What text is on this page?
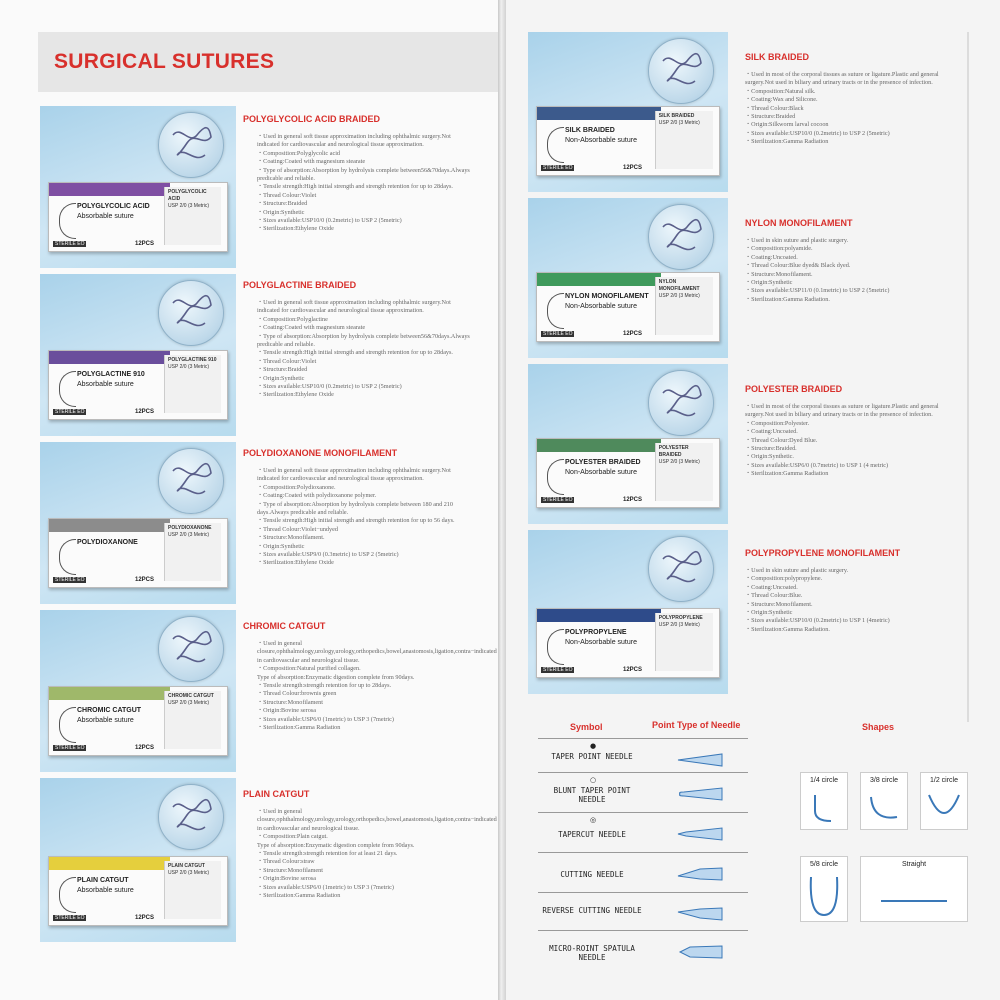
SURGICAL SUTURES
POLYGLYCOLIC ACID
Absorbable suture
POLYGLYCOLIC ACID
USP 2/0 (3 Metric)
12PCS
STERILE EO
POLYGLYCOLIC ACID BRAIDED
・Used in general soft tissue approximation including ophthalmic surgery.Not indicated for cardiovascular and neurological tissue approximation.
・Composition:Polyglycolic acid
・Coating:Coated with magnesium stearate
・Type of absorption:Absorption by hydrolysis complete between56&70days.Always predicable and reliable.
・Tensile strength:High initial strength and strength retention for up to 28days.
・Thread Colour:Violet
・Structure:Braided
・Origin:Synthetic
・Sizes available:USP10/0 (0.2metric) to USP 2 (5metric)
・Sterilization:Ethylene Oxide
POLYGLACTINE 910
Absorbable suture
POLYGLACTINE 910
USP 2/0 (3 Metric)
12PCS
STERILE EO
POLYGLACTINE BRAIDED
・Used in general soft tissue approximation including ophthalmic surgery.Not indicated for cardiovascular and neurological tissue approximation.
・Composition:Polyglactine
・Coating:Coated with magnesium stearate
・Type of absorption:Absorption by hydrolysis complete between56&70days.Always predicable and reliable.
・Tensile strength:High initial strength and strength retention for up to 28days.
・Thread Colour:Violet
・Structure:Braided
・Origin:Synthetic
・Sizes available:USP10/0 (0.2metric) to USP 2 (5metric)
・Sterilization:Ethylene Oxide
POLYDIOXANONE
POLYDIOXANONE
USP 2/0 (3 Metric)
12PCS
STERILE EO
POLYDIOXANONE MONOFILAMENT
・Used in general soft tissue approximation including ophthalmic surgery.Not indicated for cardiovascular and neurological tissue approximation.
・Composition:Polydioxanone.
・Coating:Coated with polydioxanone polymer.
・Type of absorption:Absorption by hydrolysis complete between 180 and 210 days.Always predicable and reliable.
・Tensile strength:High initial strength and strength retention for up to 56 days.
・Thread Colour:Violet−undyed
・Structure:Monofilament.
・Origin:Synthetic
・Sizes available:USP9/0 (0.3metric) to USP 2 (5metric)
・Sterilization:Ethylene Oxide
CHROMIC CATGUT
Absorbable suture
CHROMIC CATGUT
USP 2/0 (3 Metric)
12PCS
STERILE EO
CHROMIC CATGUT
・Used in general closure,ophthalmology,urology,urology,orthopedics,bowel,anastomosis,ligation,contra−indicated in cardiovascular and neurological tissue.
・Composition:Natural purified collagen.
Type of absorption:Enzymatic digestion complete from 90days.
・Tensile strength:strength retention for up to 28days.
・Thread Colour:brownis green
・Structure:Monofilament
・Origin:Bovine serosa
・Sizes available:USP6/0 (1metric) to USP 3 (7metric)
・Sterilization:Gamma Radiation
PLAIN CATGUT
Absorbable suture
PLAIN CATGUT
USP 2/0 (3 Metric)
12PCS
STERILE EO
PLAIN CATGUT
・Used in general closure,ophthalmology,urology,urology,orthopedics,bowel,anastomosis,ligation,contra−indicated in cardiovascular and neurological tissue.
・Composition:Plain catgut.
Type of absorption:Enzymatic digestion complete from 90days.
・Tensile strength:strength retention for at least 21 days.
・Thread Colour:straw
・Structure:Monofilament
・Origin:Bovine serosa
・Sizes available:USP6/0 (1metric) to USP 3 (7metric)
・Sterilization:Gamma Radiation
SILK BRAIDED
Non-Absorbable suture
SILK BRAIDED
USP 2/0 (3 Metric)
12PCS
STERILE EO
SILK BRAIDED
・Used in most of the corporal tissues as suture or ligature.Plastic and general surgery.Not used in biliary and urinary tracts or in the presence of infection.
・Composition:Natural silk.
・Coating:Wax and Silicone.
・Thread Colour:Black
・Structure:Braided
・Origin:Silkworm larval cocoon
・Sizes available:USP10/0 (0.2metric) to USP 2 (5metric)
・Sterilization:Gamma Radiation
NYLON MONOFILAMENT
Non-Absorbable suture
NYLON MONOFILAMENT
USP 2/0 (3 Metric)
12PCS
STERILE EO
NYLON MONOFILAMENT
・Used in skin suture and plastic surgery.
・Composition:polyamide.
・Coating:Uncoated.
・Thread Colour:Blue dyed& Black dyed.
・Structure:Monofilament.
・Origin:Synthetic
・Sizes available:USP11/0 (0.1metric) to USP 2 (5metric)
・Sterilization:Gamma Radiation.
POLYESTER BRAIDED
Non-Absorbable suture
POLYESTER BRAIDED
USP 2/0 (3 Metric)
12PCS
STERILE EO
POLYESTER BRAIDED
・Used in most of the corporal tissues as suture or ligature.Plastic and general surgery.Not used in biliary and urinary tracts or in the presence of infection.
・Composition:Polyester.
・Coating:Uncoated.
・Thread Colour:Dyed Blue.
・Structure:Braided.
・Origin:Synthetic.
・Sizes available:USP6/0 (0.7metric) to USP 1 (4 metric)
・Sterilization:Gamma Radiation
POLYPROPYLENE
Non-Absorbable suture
POLYPROPYLENE
USP 2/0 (3 Metric)
12PCS
STERILE EO
POLYPROPYLENE MONOFILAMENT
・Used in skin suture and plastic surgery.
・Composition:polypropylene.
・Coating:Uncoated.
・Thread Colour:Blue.
・Structure:Monofilament.
・Origin:Synthetic
・Sizes available:USP10/0 (0.2metric) to USP 1 (4metric)
・Sterilization:Gamma Radiation.
Symbol	Point Type of Needle	Shapes
●
TAPER POINT NEEDLE
○
BLUNT TAPER POINT NEEDLE
◎
TAPERCUT NEEDLE
CUTTING NEEDLE
REVERSE CUTTING NEEDLE
MICRO-ROINT SPATULA NEEDLE
1/4 circle	3/8 circle	1/2 circle
5/8 circle	Straight
